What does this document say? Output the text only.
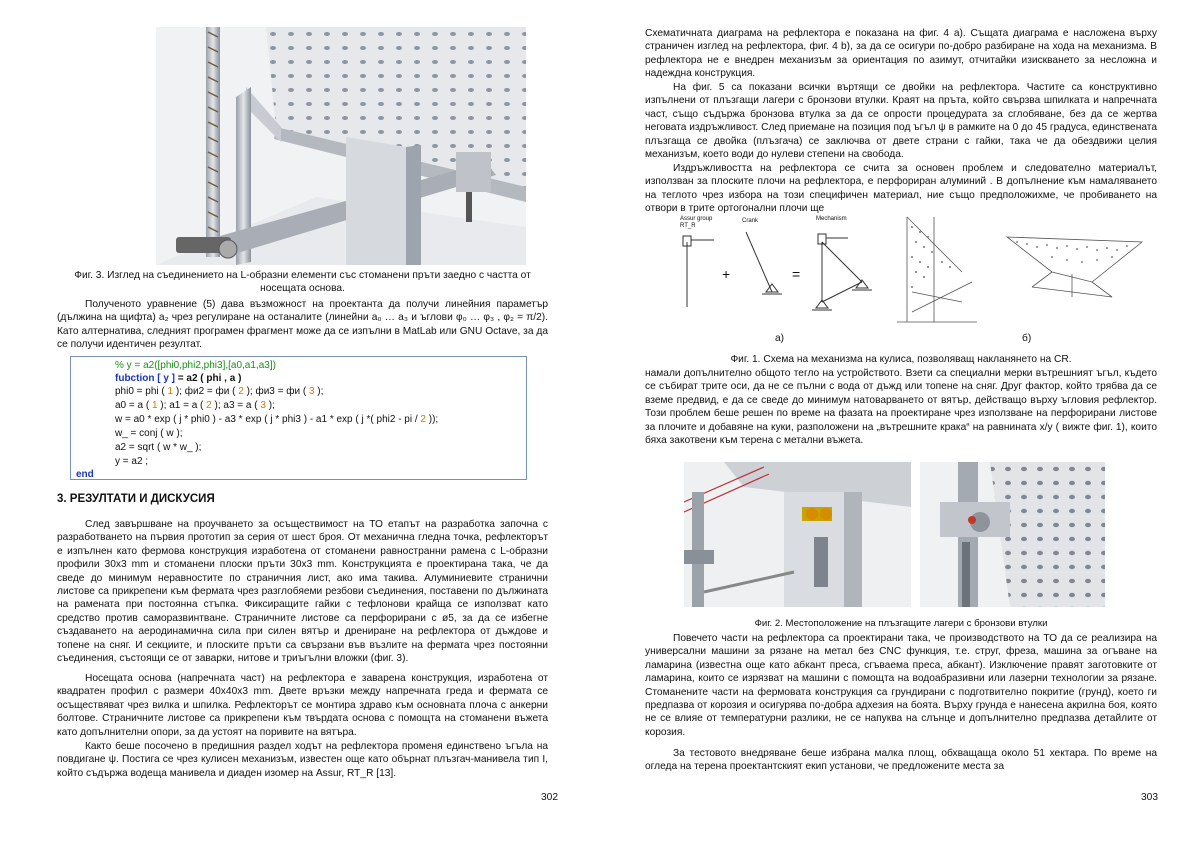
Фиг. 3. Изглед на съединението на L-образни елементи със стоманени пръти заедно с частта от носещата основа.
Полученото уравнение (5) дава възможност на проектанта да получи линейния параметър (дължина на щифта) a₂ чрез регулиране на останалите (линейни a₀ … a₃ и ъглови φ₀ … φ₃ , φ₂ = π/2). Като алтернатива, следният програмен фрагмент може да се изпълни в MatLab или GNU Octave, за да се получи идентичен резултат.
% y = a2([phi0,phi2,phi3],[a0,a1,a3])
fubction [ y ] = a2 ( phi , a )
phi0 = phi ( 1 ); фи2 = фи ( 2 ); фи3 = фи ( 3 );
a0 = a ( 1 ); a1 = a ( 2 ); a3 = a ( 3 );
w = a0 * exp ( j * phi0 ) - a3 * exp ( j * phi3 ) - a1 * exp ( j *( phi2 - pi / 2 ));
w_ = conj ( w );
a2 = sqrt ( w * w_ );
y = a2 ;
end
3. РЕЗУЛТАТИ И ДИСКУСИЯ
След завършване на проучването за осъществимост на ТО етапът на разработка започна с разработването на първия прототип за серия от шест броя. От механична гледна точка, рефлекторът е изпълнен като фермова конструкция изработена от стоманени равностранни рамена с L-образни профили 30x3 mm и стоманени плоски пръти 30x3 mm. Конструкцията е проектирана така, че да сведе до минимум неравностите по страничния лист, ако има такива. Алуминиевите странични листове са прикрепени към фермата чрез разглобяеми резбови съединения, поставени по дължината на рамената при постоянна стъпка. Фиксиращите гайки с тефлонови крайща се използват като средство против саморазвинтване. Страничните листове са перфорирани с ø5, за да се избегне създаването на аеродинамична сила при силен вятър и дрениране на рефлектора от дъждове и топене на сняг. И секциите, и плоските пръти са свързани във възлите на фермата чрез постоянни съединения, състоящи се от заварки, нитове и триъгълни вложки (фиг. 3).
Носещата основа (напречната част) на рефлектора е заварена конструкция, изработена от квадратен профил с размери 40x40x3 mm. Двете връзки между напречната греда и фермата се осъществяват чрез вилка и шпилка. Рефлекторът се монтира здраво към основната плоча с анкерни болтове. Страничните листове са прикрепени към твърдата основа с помощта на стоманени въжета като допълнителни опори, за да устоят на поривите на вятъра.
Както беше посочено в предишния раздел ходът на рефлектора променя единствено ъгъла на повдигане ψ. Постига се чрез кулисен механизъм, известен още като обърнат плъзгач-манивела тип I, който съдържа водеща манивела и диаден изомер на Assur, RT_R [13].
302
Схематичната диаграма на рефлектора е показана на фиг. 4 a). Същата диаграма е насложена върху страничен изглед на рефлектора, фиг. 4 b), за да се осигури по-добро разбиране на хода на механизма. В рефлектора не е внедрен механизъм за ориентация по азимут, отчитайки изискването за несложна и надеждна конструкция.
На фиг. 5 са показани всички въртящи се двойки на рефлектора. Частите са конструктивно изпълнени от плъзгащи лагери с бронзови втулки. Краят на пръта, който свързва шпилката и напречната част, също съдържа бронзова втулка за да се опрости процедурата за сглобяване, без да се жертва неговата издръжливост. След приемане на позиция под ъгъл ψ в рамките на 0 до 45 градуса, единствената плъзгаща се двойка (плъзгача) се заключва от двете страни с гайки, така че да обездвижи целия механизъм, което води до нулеви степени на свобода.
Издръжливостта на рефлектора се счита за основен проблем и следователно материалът, използван за плоските плочи на рефлектора, е перфориран алуминий . В допълнение към намаляването на теглото чрез избора на този специфичен материал, ние също предположихме, че пробиването на отвори в трите ортогонални плочи ще
Assur group RT_R
Crank	Mechanism
+	=
а)	б)
Фиг. 1. Схема на механизма на кулиса, позволяващ накланянето на CR.
намали допълнително общото тегло на устройството. Взети са специални мерки вътрешният ъгъл, където се събират трите оси, да не се пълни с вода от дъжд или топене на сняг. Друг фактор, който трябва да се вземе предвид, е да се сведе до минимум натоварването от вятър, действащо върху ъгловия рефлектор. Този проблем беше решен по време на фазата на проектиране чрез използване на перфорирани листове за плочите и добавяне на куки, разположени на „вътрешните крака“ на равнината x/y ( вижте фиг. 1), които бяха закотвени към терена с метални въжета.
Фиг. 2. Местоположение на плъзгащите лагери с бронзови втулки
Повечето части на рефлектора са проектирани така, че производството на ТО да се реализира на универсални машини за рязане на метал без CNC функция, т.е. струг, фреза, машина за огъване на ламарина (известна още като абкант преса, сгъваема преса, абкант). Изключение правят заготовките от ламарина, които се изрязват на машини с помощта на водоабразивни или лазерни технологии за рязане. Стоманените части на фермовата конструкция са грундирани с подготвително покритие (грунд), което ги предпазва от корозия и осигурява по-добра адхезия на боята. Върху грунда е нанесена акрилна боя, която не се влияе от температурни разлики, не се напуква на слънце и допълнително предпазва детайлите от корозия.
За тестовото внедряване беше избрана малка площ, обхващаща около 51 хектара. По време на огледа на терена проектантският екип установи, че предложените места за
303
